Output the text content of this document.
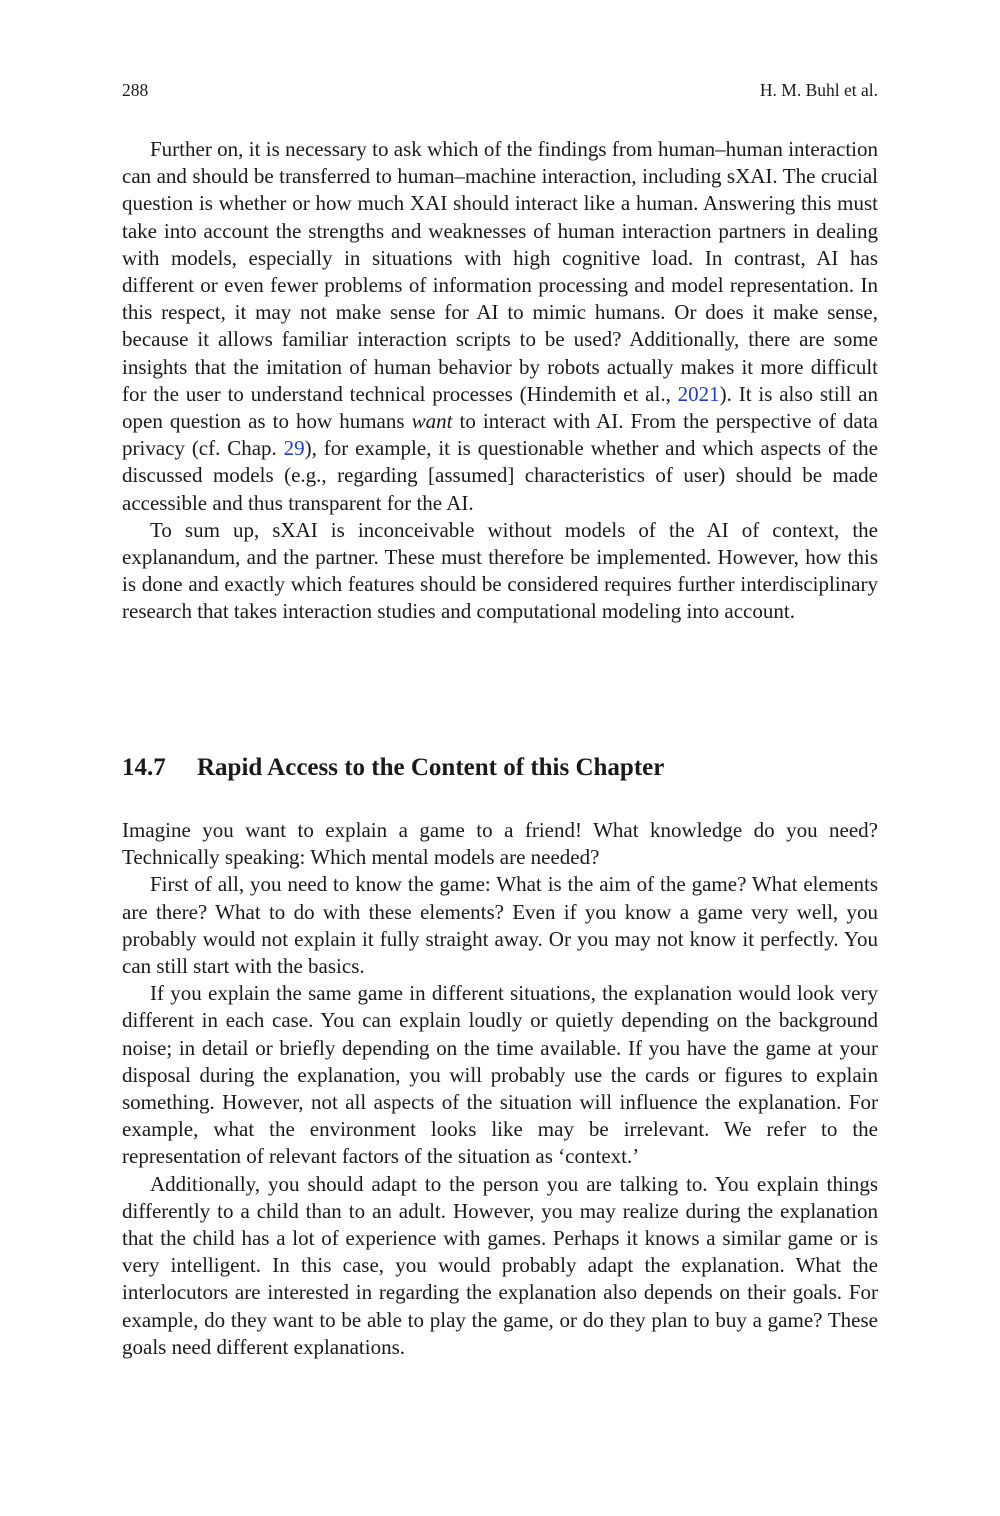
288	H. M. Buhl et al.

Further on, it is necessary to ask which of the findings from human–human interaction can and should be transferred to human–machine interaction, including sXAI. The crucial question is whether or how much XAI should interact like a human. Answering this must take into account the strengths and weaknesses of human interaction partners in dealing with models, especially in situations with high cognitive load. In contrast, AI has different or even fewer problems of information processing and model representation. In this respect, it may not make sense for AI to mimic humans. Or does it make sense, because it allows familiar interaction scripts to be used? Additionally, there are some insights that the imitation of human behavior by robots actually makes it more difficult for the user to understand technical processes (Hindemith et al., 2021). It is also still an open question as to how humans want to interact with AI. From the perspective of data privacy (cf. Chap. 29), for example, it is questionable whether and which aspects of the discussed models (e.g., regarding [assumed] characteristics of user) should be made accessible and thus transparent for the AI.

To sum up, sXAI is inconceivable without models of the AI of context, the explanandum, and the partner. These must therefore be implemented. However, how this is done and exactly which features should be considered requires further interdisciplinary research that takes interaction studies and computational modeling into account.

14.7 Rapid Access to the Content of this Chapter

Imagine you want to explain a game to a friend! What knowledge do you need? Technically speaking: Which mental models are needed?

First of all, you need to know the game: What is the aim of the game? What elements are there? What to do with these elements? Even if you know a game very well, you probably would not explain it fully straight away. Or you may not know it perfectly. You can still start with the basics.

If you explain the same game in different situations, the explanation would look very different in each case. You can explain loudly or quietly depending on the background noise; in detail or briefly depending on the time available. If you have the game at your disposal during the explanation, you will probably use the cards or figures to explain something. However, not all aspects of the situation will influence the explanation. For example, what the environment looks like may be irrelevant. We refer to the representation of relevant factors of the situation as ‘context.’

Additionally, you should adapt to the person you are talking to. You explain things differently to a child than to an adult. However, you may realize during the explanation that the child has a lot of experience with games. Perhaps it knows a similar game or is very intelligent. In this case, you would probably adapt the explanation. What the interlocutors are interested in regarding the explanation also depends on their goals. For example, do they want to be able to play the game, or do they plan to buy a game? These goals need different explanations.
